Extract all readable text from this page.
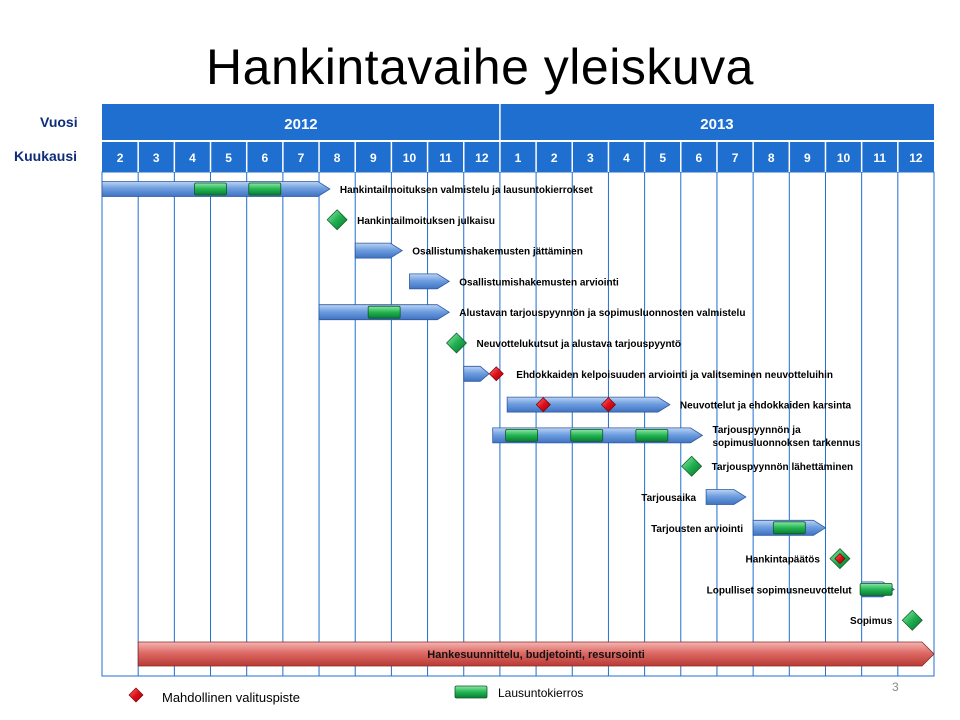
Hankintavaihe yleiskuva
Vuosi
Kuukausi
2012	2013
2 3 4 5 6 7 8 9 10 11 12 1 2 3 4 5 6 7 8 9 10 11 12
Hankintailmoituksen valmistelu ja lausuntokierrokset
Hankintailmoituksen julkaisu
Osallistumishakemusten jättäminen
Osallistumishakemusten arviointi
Alustavan tarjouspyynnön ja sopimusluonnosten valmistelu
Neuvottelukutsut ja alustava tarjouspyyntö
Ehdokkaiden kelpoisuuden arviointi ja valitseminen neuvotteluihin
Neuvottelut ja ehdokkaiden karsinta
Tarjouspyynnön ja
sopimusluonnoksen tarkennus
Tarjouspyynnön lähettäminen
Tarjousaika
Tarjousten arviointi
Hankintapäätös
Lopulliset sopimusneuvottelut
Sopimus
Hankesuunnittelu, budjetointi, resursointi
Mahdollinen valituspiste	Lausuntokierros	3
